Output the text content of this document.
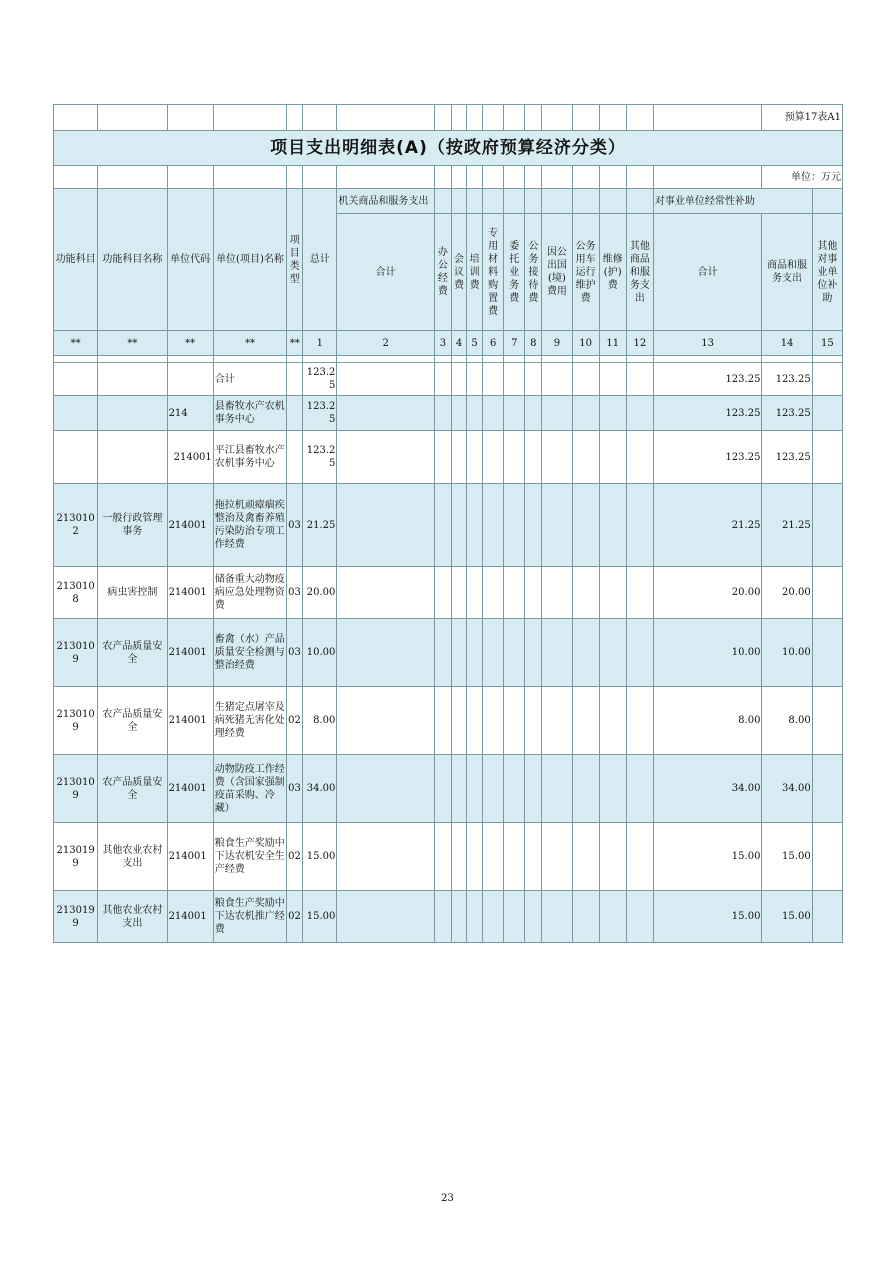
																		预算17表A1	
项目支出明细表(A)（按政府预算经济分类）																			
																		单位：万元	
功能科目	功能科目名称	单位代码	单位(项目)名称	项目类型	总计	机关商品和服务支出											对事业单位经常性补助		
						合计	办公经费	会议费	培训费	专用材料购置费	委托业务费	公务接待费	因公出国(境)费用	公务用车运行维护费	维修(护)费	其他商品和服务支出	合计	商品和服务支出	其他对事业单位补助
**	**	**	**	**	1	2	3	4	5	6	7	8	9	10	11	12	13	14	15

			合计		123.25												123.25	123.25	
		214	县畜牧水产农机事务中心		123.25												123.25	123.25	
		214001	平江县畜牧水产农机事务中心		123.25												123.25	123.25	
2130102	一般行政管理事务	214001	拖拉机顽瘴痼疾整治及禽畜养殖污染防治专项工作经费	03	21.25												21.25	21.25	
2130108	病虫害控制	214001	储备重大动物疫病应急处理物资费	03	20.00												20.00	20.00	
2130109	农产品质量安全	214001	畜禽（水）产品质量安全检测与整治经费	03	10.00												10.00	10.00	
2130109	农产品质量安全	214001	生猪定点屠宰及病死猪无害化处理经费	02	8.00												8.00	8.00	
2130109	农产品质量安全	214001	动物防疫工作经费（含国家强制疫苗采购、冷藏）	03	34.00												34.00	34.00	
2130199	其他农业农村支出	214001	粮食生产奖励中下达农机安全生产经费	02	15.00												15.00	15.00	
2130199	其他农业农村支出	214001	粮食生产奖励中下达农机推广经费	02	15.00												15.00	15.00	
23
